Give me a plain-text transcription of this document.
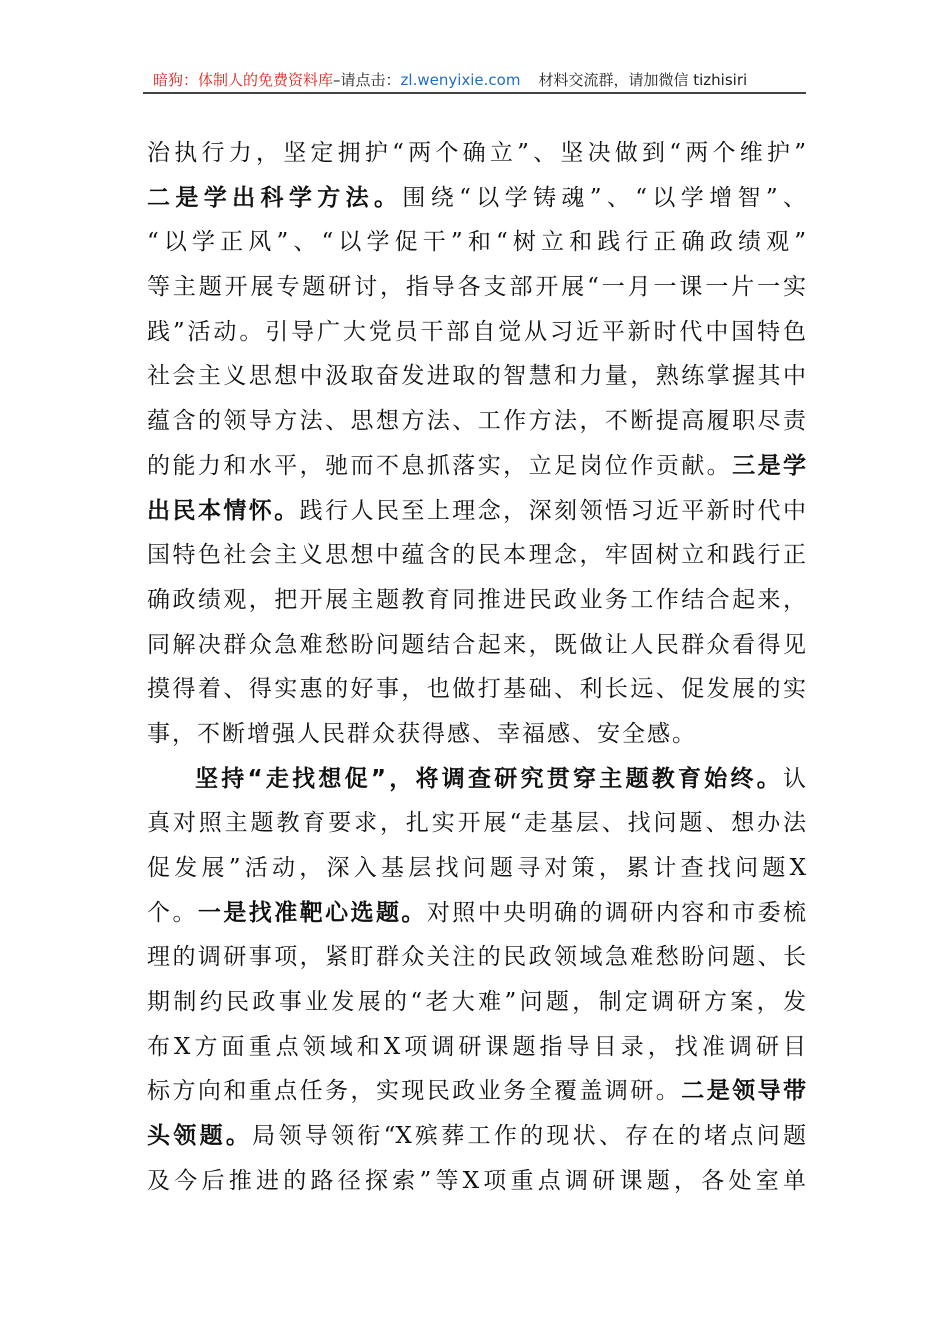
暗狗：体制人的免费资料库–请点击：zl.wenyixie.com 材料交流群，请加微信 tizhisiri
治执行力，坚定拥护“两个确立”、坚决做到“两个维护”
二是学出科学方法。围绕“以学铸魂”、“以学增智”、
“以学正风”、“以学促干”和“树立和践行正确政绩观”
等主题开展专题研讨，指导各支部开展“一月一课一片一实
践”活动。引导广大党员干部自觉从习近平新时代中国特色
社会主义思想中汲取奋发进取的智慧和力量，熟练掌握其中
蕴含的领导方法、思想方法、工作方法，不断提高履职尽责
的能力和水平，驰而不息抓落实，立足岗位作贡献。三是学
出民本情怀。践行人民至上理念，深刻领悟习近平新时代中
国特色社会主义思想中蕴含的民本理念，牢固树立和践行正
确政绩观，把开展主题教育同推进民政业务工作结合起来，
同解决群众急难愁盼问题结合起来，既做让人民群众看得见
摸得着、得实惠的好事，也做打基础、利长远、促发展的实
事，不断增强人民群众获得感、幸福感、安全感。
坚持“走找想促”，将调查研究贯穿主题教育始终。认
真对照主题教育要求，扎实开展“走基层、找问题、想办法
促发展”活动，深入基层找问题寻对策，累计查找问题X
个。一是找准靶心选题。对照中央明确的调研内容和市委梳
理的调研事项，紧盯群众关注的民政领域急难愁盼问题、长
期制约民政事业发展的“老大难”问题，制定调研方案，发
布X方面重点领域和X项调研课题指导目录，找准调研目
标方向和重点任务，实现民政业务全覆盖调研。二是领导带
头领题。局领导领衔“X殡葬工作的现状、存在的堵点问题
及今后推进的路径探索”等X项重点调研课题，各处室单
